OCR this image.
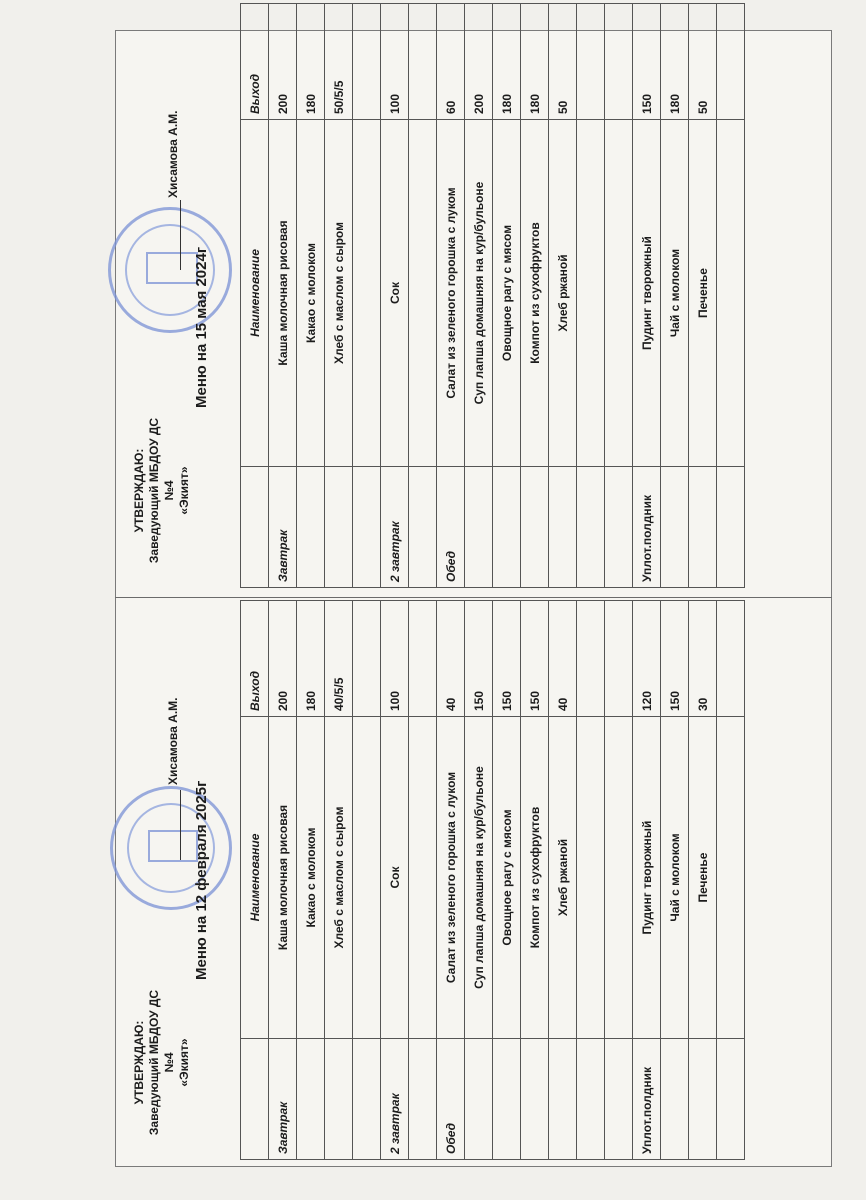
УТВЕРЖДАЮ: Заведующий МБДОУ ДС №4 «Экият»
Хисамова А.М.
Меню на 15 мая 2024г
		Наименование	Выход
Завтрак	Каша молочная рисовая	200
	Какао с молоком	180
	Хлеб с маслом с сыром	50/5/5

2 завтрак	Сок	100

Обед	Салат из зеленого горошка с луком	60
	Суп лапша домашняя на кур/бульоне	200
	Овощное рагу с мясом	180
	Компот из сухофруктов	180
	Хлеб ржаной	50

Уплот.полдник	Пудинг творожный	150
	Чай с молоком	180
	Печенье	50

УТВЕРЖДАЮ: Заведующий МБДОУ ДС №4 «Экият»
Хисамова А.М.
Меню на 12 февраля 2025г
		Наименование	Выход
Завтрак	Каша молочная рисовая	200
	Какао с молоком	180
	Хлеб с маслом с сыром	40/5/5

2 завтрак	Сок	100

Обед	Салат из зеленого горошка с луком	40
	Суп лапша домашняя на кур/бульоне	150
	Овощное рагу с мясом	150
	Компот из сухофруктов	150
	Хлеб ржаной	40

Уплот.полдник	Пудинг творожный	120
	Чай с молоком	150
	Печенье	30
